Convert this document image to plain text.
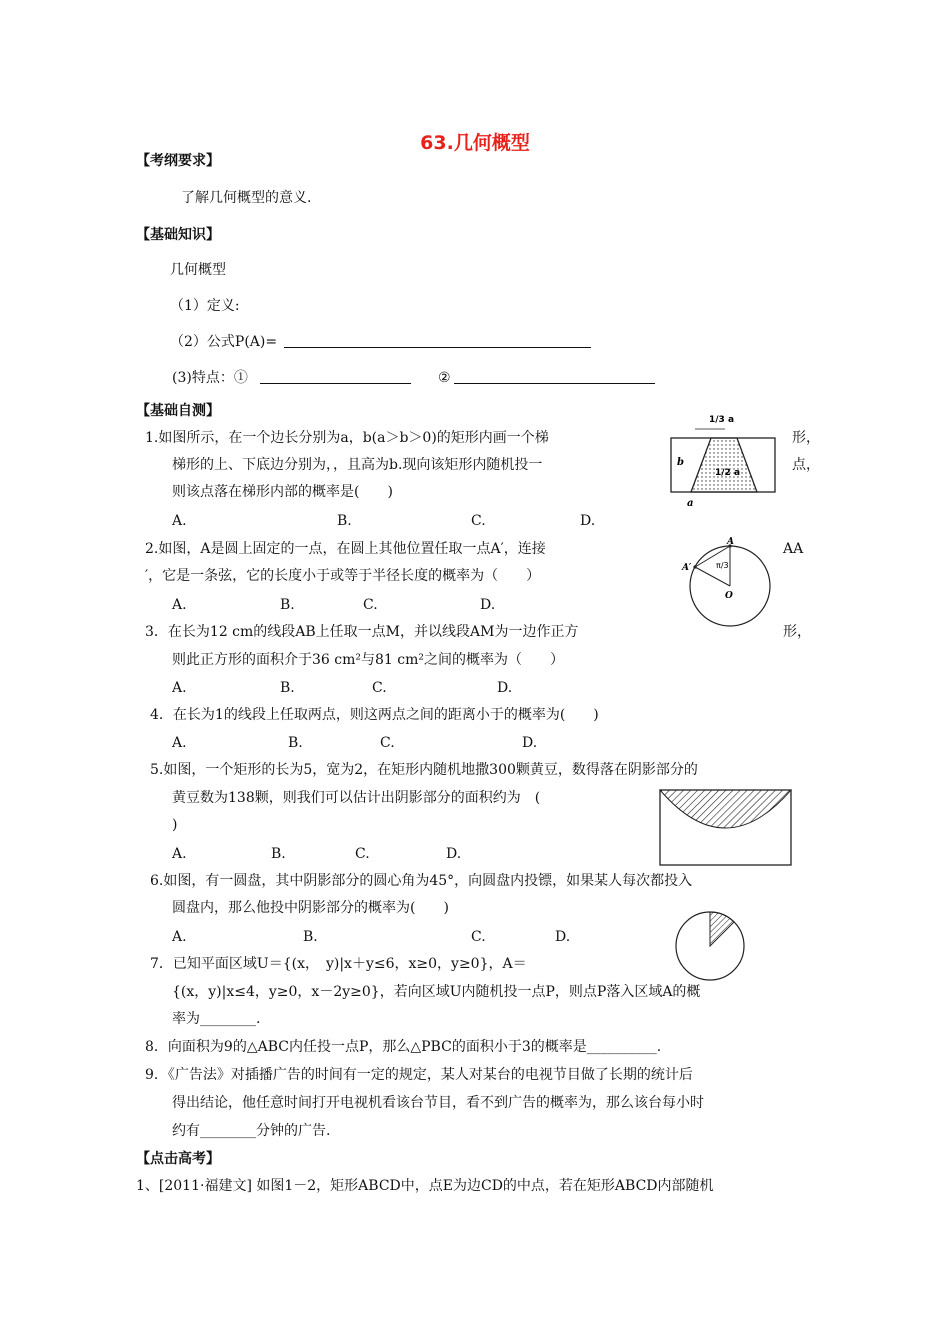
63.几何概型
【考纲要求】
了解几何概型的意义.
【基础知识】
几何概型
（1）定义:
（2）公式P(A)=
(3)特点：①	②
【基础自测】
1.如图所示，在一个边长分别为a，b(a＞b＞0)的矩形内画一个梯	形，
梯形的上、下底边分别为，，且高为b.现向该矩形内随机投一	点，
则该点落在梯形内部的概率是(　　)
A.	B.	C.	D.
1/3 a
b
1/2 a
a
2.如图，A是圆上固定的一点，在圆上其他位置任取一点A′，连接	AA
′，它是一条弦，它的长度小于或等于半径长度的概率为（　　）
A.	B.	C.	D.
A
A′
O
π/3
3．在长为12 cm的线段AB上任取一点M，并以线段AM为一边作正方	形，
则此正方形的面积介于36 cm²与81 cm²之间的概率为（　　）
A.	B.	C.	D.
4．在长为1的线段上任取两点，则这两点之间的距离小于的概率为(　　)
A.	B.	C.	D.
5.如图，一个矩形的长为5，宽为2，在矩形内随机地撒300颗黄豆，数得落在阴影部分的
黄豆数为138颗，则我们可以估计出阴影部分的面积约为　(
)
A.	B.	C.	D.
6.如图，有一圆盘，其中阴影部分的圆心角为45°，向圆盘内投镖，如果某人每次都投入
圆盘内，那么他投中阴影部分的概率为(　　)
A.	B.	C.	D.
7．已知平面区域U＝{(x，　y)|x＋y≤6，x≥0，y≥0}，A＝
{(x，y)|x≤4，y≥0，x－2y≥0}，若向区域U内随机投一点P，则点P落入区域A的概
率为________.
8．向面积为9的△ABC内任投一点P，那么△PBC的面积小于3的概率是__________.
9．《广告法》对插播广告的时间有一定的规定，某人对某台的电视节目做了长期的统计后
得出结论，他任意时间打开电视机看该台节目，看不到广告的概率为，那么该台每小时
约有________分钟的广告.
【点击高考】
1、[2011·福建文] 如图1－2，矩形ABCD中，点E为边CD的中点，若在矩形ABCD内部随机
